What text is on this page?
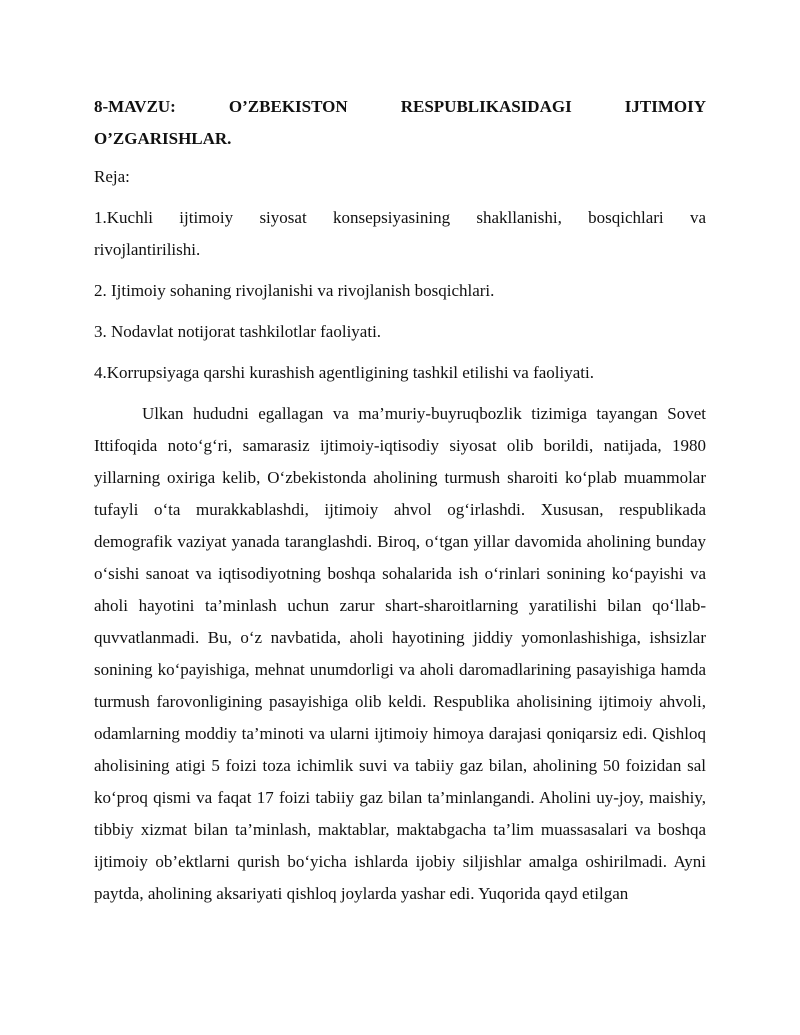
8-MAVZU: O’ZBEKISTON RESPUBLIKASIDAGI IJTIMOIY
O’ZGARISHLAR.

Reja:

1.Kuchli ijtimoiy siyosat konsepsiyasining shakllanishi, bosqichlari va
rivojlantirilishi.
2. Ijtimoiy sohaning rivojlanishi va rivojlanish bosqichlari.
3. Nodavlat notijorat tashkilotlar faoliyati.
4.Korrupsiyaga qarshi kurashish agentligining tashkil etilishi va faoliyati.

Ulkan hududni egallagan va ma’muriy-buyruqbozlik tizimiga tayangan Sovet Ittifoqida noto‘g‘ri, samarasiz ijtimoiy-iqtisodiy siyosat olib borildi, natijada, 1980 yillarning oxiriga kelib, O‘zbekistonda aholining turmush sharoiti ko‘plab muammolar tufayli o‘ta murakkablashdi, ijtimoiy ahvol og‘irlashdi. Xususan, respublikada demografik vaziyat yanada taranglashdi. Biroq, o‘tgan yillar davomida aholining bunday o‘sishi sanoat va iqtisodiyotning boshqa sohalarida ish o‘rinlari sonining ko‘payishi va aholi hayotini ta’minlash uchun zarur shart-sharoitlarning yaratilishi bilan qo‘llab-quvvatlanmadi. Bu, o‘z navbatida, aholi hayotining jiddiy yomonlashishiga, ishsizlar sonining ko‘payishiga, mehnat unumdorligi va aholi daromadlarining pasayishiga hamda turmush farovonligining pasayishiga olib keldi. Respublika aholisining ijtimoiy ahvoli, odamlarning moddiy ta’minoti va ularni ijtimoiy himoya darajasi qoniqarsiz edi. Qishloq aholisining atigi 5 foizi toza ichimlik suvi va tabiiy gaz bilan, aholining 50 foizidan sal ko‘proq qismi va faqat 17 foizi tabiiy gaz bilan ta’minlangandi. Aholini uy-joy, maishiy, tibbiy xizmat bilan ta’minlash, maktablar, maktabgacha ta’lim muassasalari va boshqa ijtimoiy ob’ektlarni qurish bo‘yicha ishlarda ijobiy siljishlar amalga oshirilmadi. Ayni paytda, aholining aksariyati qishloq joylarda yashar edi. Yuqorida qayd etilgan
